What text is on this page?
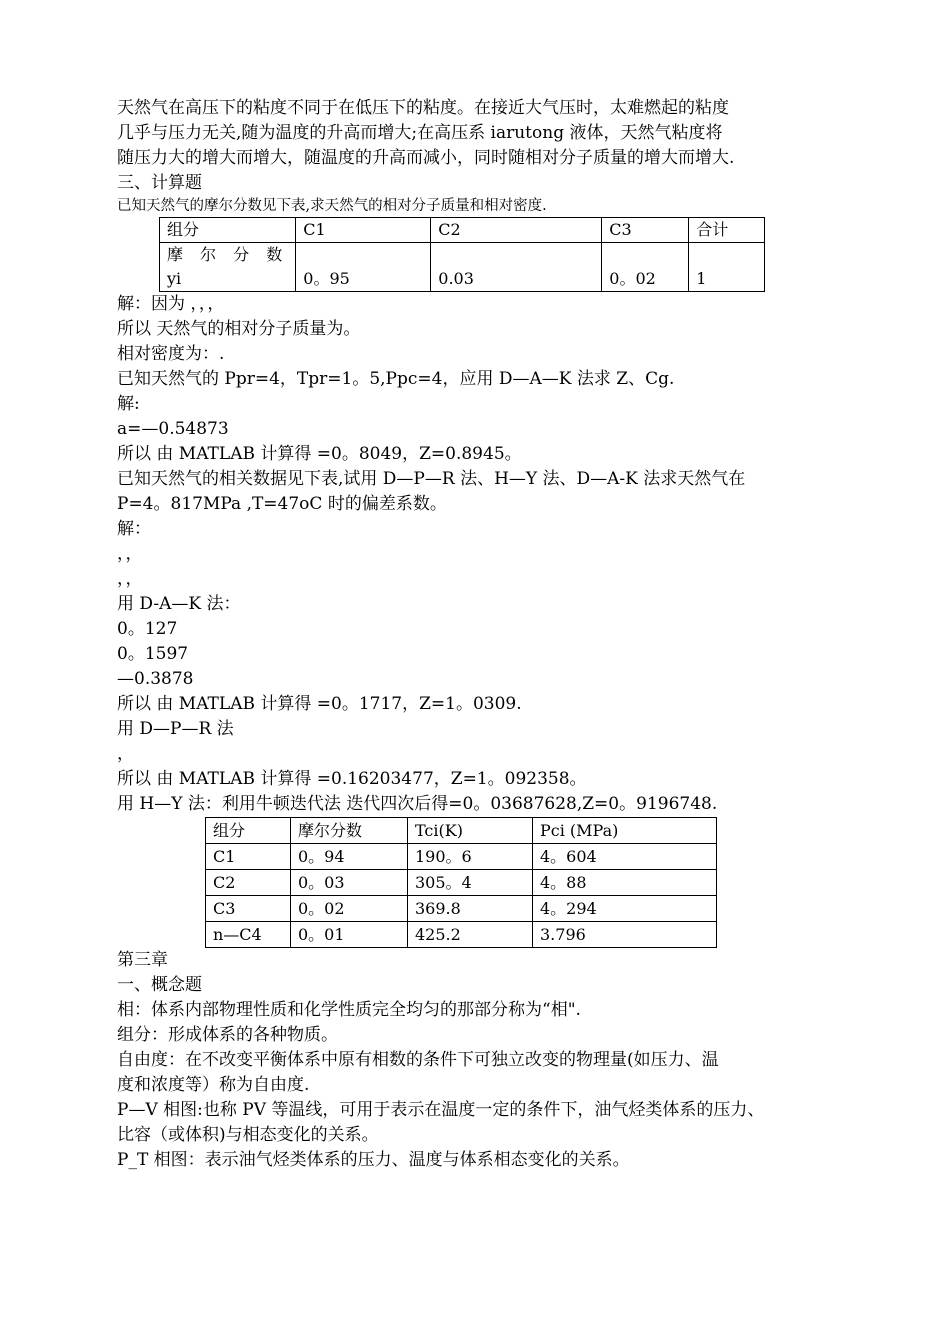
天然气在高压下的粘度不同于在低压下的粘度。在接近大气压时，太难燃起的粘度
几乎与压力无关,随为温度的升高而增大;在高压系 iarutong 液体，天然气粘度将
随压力大的增大而增大，随温度的升高而减小，同时随相对分子质量的增大而增大.
三、计算题
已知天然气的摩尔分数见下表,求天然气的相对分子质量和相对密度.
组分	C1	C2	C3	合计

摩 尔 分 数
yi	0。95	0.03	0。02	1
解：因为 ，，，
所以 天然气的相对分子质量为。
相对密度为：.
已知天然气的 Ppr=4，Tpr=1。5,Ppc=4，应用 D—A—K 法求 Z、Cg.
解:
a=—0.54873
所以 由 MATLAB 计算得 =0。8049，Z=0.8945。
已知天然气的相关数据见下表,试用 D—P—R 法、H—Y 法、D—A-K 法求天然气在
P=4。817MPa ,T=47oC 时的偏差系数。
解：
，，
，，
用 D-A—K 法：
0。127
0。1597
—0.3878
所以 由 MATLAB 计算得 =0。1717，Z=1。0309.
用 D—P—R 法
，
所以 由 MATLAB 计算得 =0.16203477，Z=1。092358。
用 H—Y 法：利用牛顿迭代法 迭代四次后得=0。03687628,Z=0。9196748.
组分	摩尔分数	Tci(K)	Pci (MPa)
C1	0。94	190。6	4。604
C2	0。03	305。4	4。88
C3	0。02	369.8	4。294
n—C4	0。01	425.2	3.796
第三章
一、概念题
相：体系内部物理性质和化学性质完全均匀的那部分称为“相".
组分：形成体系的各种物质。
自由度：在不改变平衡体系中原有相数的条件下可独立改变的物理量(如压力、温
度和浓度等）称为自由度.
P—V 相图:也称 PV 等温线，可用于表示在温度一定的条件下，油气烃类体系的压力、
比容（或体积)与相态变化的关系。
P_T 相图：表示油气烃类体系的压力、温度与体系相态变化的关系。
